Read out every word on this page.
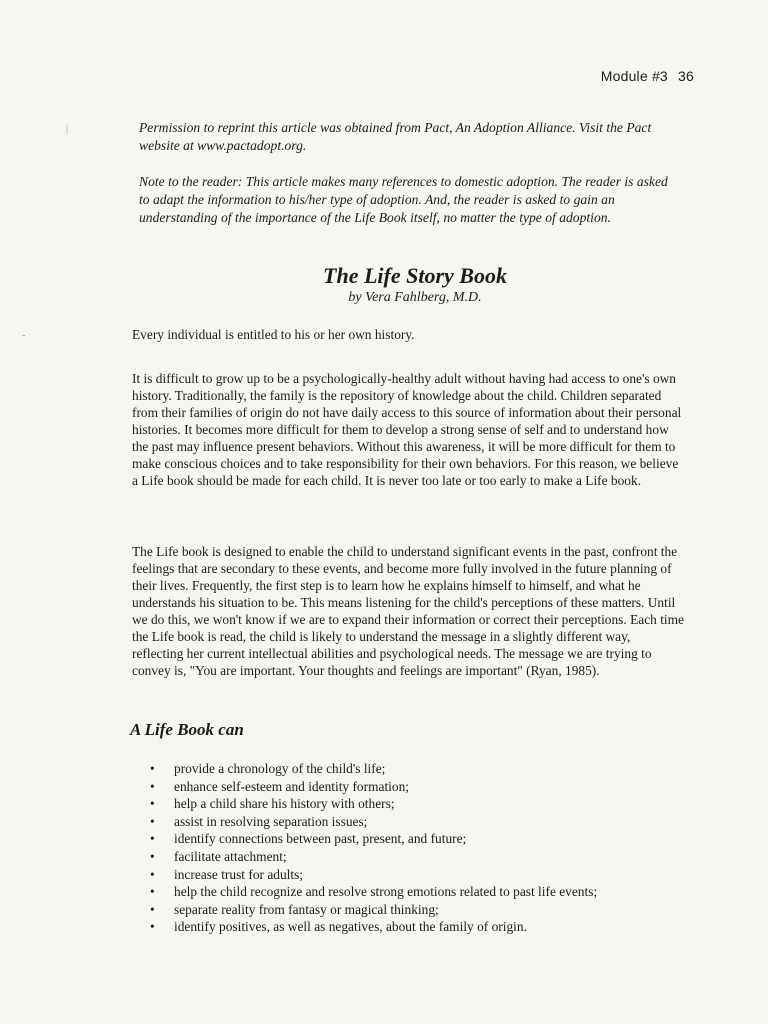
Module #3 36
|
-
Permission to reprint this article was obtained from Pact, An Adoption Alliance. Visit the Pact website at www.pactadopt.org.
Note to the reader: This article makes many references to domestic adoption. The reader is asked to adapt the information to his/her type of adoption. And, the reader is asked to gain an understanding of the importance of the Life Book itself, no matter the type of adoption.
The Life Story Book
by Vera Fahlberg, M.D.
Every individual is entitled to his or her own history.
It is difficult to grow up to be a psychologically-healthy adult without having had access to one's own history. Traditionally, the family is the repository of knowledge about the child. Children separated from their families of origin do not have daily access to this source of information about their personal histories. It becomes more difficult for them to develop a strong sense of self and to understand how the past may influence present behaviors. Without this awareness, it will be more difficult for them to make conscious choices and to take responsibility for their own behaviors. For this reason, we believe a Life book should be made for each child. It is never too late or too early to make a Life book.
The Life book is designed to enable the child to understand significant events in the past, confront the feelings that are secondary to these events, and become more fully involved in the future planning of their lives. Frequently, the first step is to learn how he explains himself to himself, and what he understands his situation to be. This means listening for the child's perceptions of these matters. Until we do this, we won't know if we are to expand their information or correct their perceptions. Each time the Life book is read, the child is likely to understand the message in a slightly different way, reflecting her current intellectual abilities and psychological needs. The message we are trying to convey is, "You are important. Your thoughts and feelings are important" (Ryan, 1985).
A Life Book can
• provide a chronology of the child's life;
• enhance self-esteem and identity formation;
• help a child share his history with others;
• assist in resolving separation issues;
• identify connections between past, present, and future;
• facilitate attachment;
• increase trust for adults;
• help the child recognize and resolve strong emotions related to past life events;
• separate reality from fantasy or magical thinking;
• identify positives, as well as negatives, about the family of origin.
